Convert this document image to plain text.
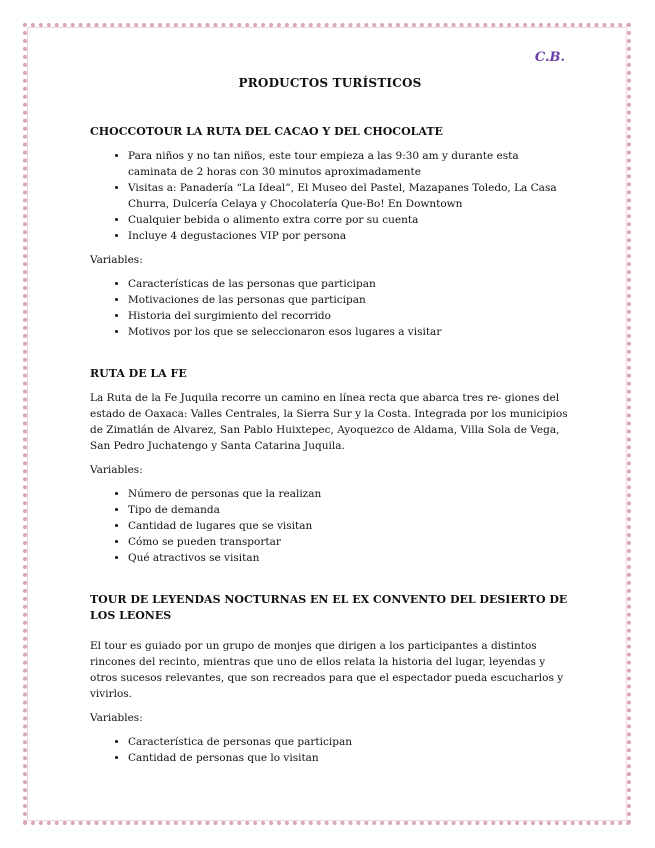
C.B.
PRODUCTOS TURÍSTICOS
CHOCCOTOUR LA RUTA DEL CACAO Y DEL CHOCOLATE
• Para niños y no tan niños, este tour empieza a las 9:30 am y durante esta caminata de 2 horas con 30 minutos aproximadamente
• Visitas a: Panadería “La Ideal”, El Museo del Pastel, Mazapanes Toledo, La Casa Churra, Dulcería Celaya y Chocolatería Que-Bo! En Downtown
• Cualquier bebida o alimento extra corre por su cuenta
• Incluye 4 degustaciones VIP por persona

Variables:

• Características de las personas que participan
• Motivaciones de las personas que participan
• Historia del surgimiento del recorrido
• Motivos por los que se seleccionaron esos lugares a visitar
RUTA DE LA FE

La Ruta de la Fe Juquila recorre un camino en línea recta que abarca tres re- giones del estado de Oaxaca: Valles Centrales, la Sierra Sur y la Costa. Integrada por los municipios de Zimatlán de Alvarez, San Pablo Huixtepec, Ayoquezco de Aldama, Villa Sola de Vega, San Pedro Juchatengo y Santa Catarina Juquila.

Variables:

• Número de personas que la realizan
• Tipo de demanda
• Cantidad de lugares que se visitan
• Cómo se pueden transportar
• Qué atractivos se visitan
TOUR DE LEYENDAS NOCTURNAS EN EL EX CONVENTO DEL DESIERTO DE LOS LEONES

El tour es guiado por un grupo de monjes que dirigen a los participantes a distintos rincones del recinto, mientras que uno de ellos relata la historia del lugar, leyendas y otros sucesos relevantes, que son recreados para que el espectador pueda escucharlos y vivirlos.

Variables:

• Característica de personas que participan
• Cantidad de personas que lo visitan
